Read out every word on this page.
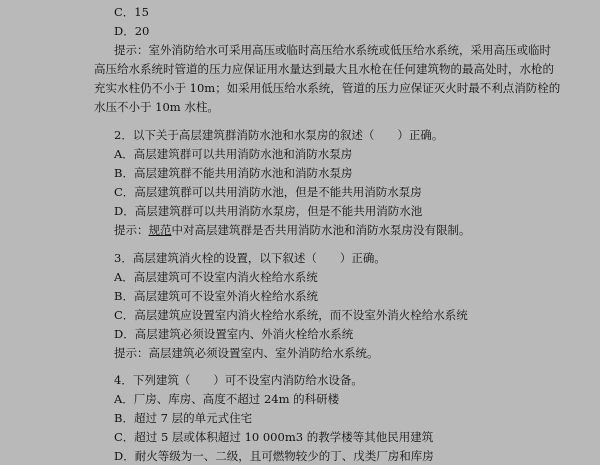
C．15
D．20
提示：室外消防给水可采用高压或临时高压给水系统或低压给水系统，采用高压或临时
高压给水系统时管道的压力应保证用水量达到最大且水枪在任何建筑物的最高处时，水枪的
充实水柱仍不小于 10m；如采用低压给水系统，管道的压力应保证灭火时最不利点消防栓的
水压不小于 10m 水柱。
2．以下关于高层建筑群消防水池和水泵房的叙述（　　）正确。
A．高层建筑群可以共用消防水池和消防水泵房
B．高层建筑群不能共用消防水池和消防水泵房
C．高层建筑群可以共用消防水池，但是不能共用消防水泵房
D．高层建筑群可以共用消防水泵房，但是不能共用消防水池
提示：规范中对高层建筑群是否共用消防水池和消防水泵房没有限制。
3．高层建筑消火栓的设置，以下叙述（　　）正确。
A．高层建筑可不设室内消火栓给水系统
B．高层建筑可不设室外消火栓给水系统
C．高层建筑应设置室内消火栓给水系统，而不设室外消火栓给水系统
D．高层建筑必须设置室内、外消火栓给水系统
提示：高层建筑必须设置室内、室外消防给水系统。
4．下列建筑（　　）可不设室内消防给水设备。
A．厂房、库房、高度不超过 24m 的科研楼
B．超过 7 层的单元式住宅
C．超过 5 层或体积超过 10 000m3 的教学楼等其他民用建筑
D．耐火等级为一、二级，且可燃物较少的丁、戊类厂房和库房
